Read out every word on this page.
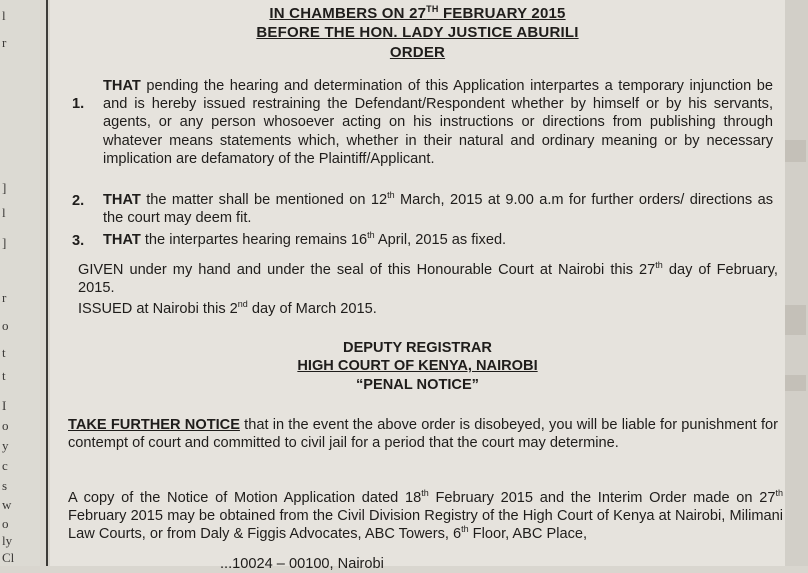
l
r
]
l
]
r
o
t
t
I
o
y
c
s
w
o
ly
Cl
IN CHAMBERS ON 27TH FEBRUARY 2015
BEFORE THE HON. LADY JUSTICE ABURILI
ORDER
1.
THAT pending the hearing and determination of this Application interpartes a temporary injunction be and is hereby issued restraining the Defendant/Respondent whether by himself or by his servants, agents, or any person whosoever acting on his instructions or directions from publishing through whatever means statements which, whether in their natural and ordinary meaning or by necessary implication are defamatory of the Plaintiff/Applicant.
2. THAT the matter shall be mentioned on 12th March, 2015 at 9.00 a.m for further orders/ directions as the court may deem fit.
3. THAT the interpartes hearing remains 16th April, 2015 as fixed.
GIVEN under my hand and under the seal of this Honourable Court at Nairobi this 27th day of February, 2015.
ISSUED at Nairobi this 2nd day of March 2015.
DEPUTY REGISTRAR
HIGH COURT OF KENYA, NAIROBI
“PENAL NOTICE”
TAKE FURTHER NOTICE that in the event the above order is disobeyed, you will be liable for punishment for contempt of court and committed to civil jail for a period that the court may determine.
A copy of the Notice of Motion Application dated 18th February 2015 and the Interim Order made on 27th February 2015 may be obtained from the Civil Division Registry of the High Court of Kenya at Nairobi, Milimani Law Courts, or from Daly & Figgis Advocates, ABC Towers, 6th Floor, ABC Place,
...10024 – 00100, Nairobi
